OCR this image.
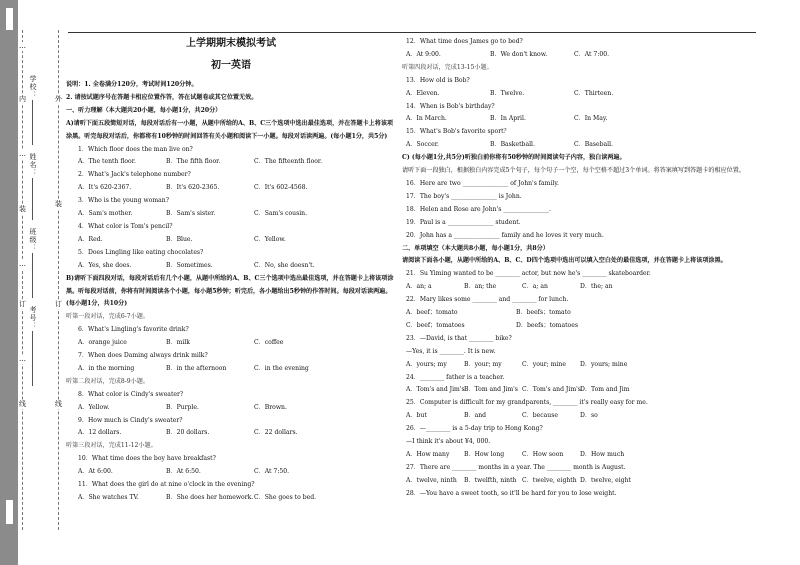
…
内
…
装
…
订
…
线
学校：
姓名：
班级：
考号：
外
装
订
线
上学期期末模拟考试
初一英语
说明：1. 全卷满分120分，考试时间120分钟。
2. 请按试题序号在答题卡相应位置作答，答在试题卷或其它位置无效。
一、听力理解（本大题共20小题，每小题1分，共20分）
A)请听下面五段简短对话，每段对话后有一小题，从题中所给的A、B、C三个选项中选出最佳选项，并在答题卡上将该项涂黑。听完每段对话后，你都将有10秒钟的时间回答有关小题和阅读下一小题。每段对话读两遍。(每小题1分，共5分)
1．Which floor does the man live on?
A．The tenth floor.	B．The fifth floor.	C．The fifteenth floor.
2．What's Jack's telephone number?
A．It's 620-2367.	B．It's 620-2365.	C．It's 602-4568.
3．Who is the young woman?
A．Sam's mother.	B．Sam's sister.	C．Sam's cousin.
4．What color is Tom's pencil?
A．Red.	B．Blue.	C．Yellow.
5．Does Lingling like eating chocolates?
A．Yes, she does.	B．Sometimes.	C．No, she doesn't.
B)请听下面四段对话，每段对话后有几个小题，从题中所给的A、B、C三个选项中选出最佳选项，并在答题卡上将该项涂黑。听每段对话前，你将有时间阅读各个小题，每小题5秒钟；听完后，各小题给出5秒钟的作答时间。每段对话读两遍。(每小题1分，共10分)
听第一段对话，完成6-7小题。
6．What's Lingling's favorite drink?
A．orange juice	B．milk	C．coffee
7．When does Daming always drink milk?
A．in the morning	B．in the afternoon	C．in the evening
听第二段对话，完成8-9小题。
8．What color is Cindy's sweater?
A．Yellow.	B．Purple.	C．Brown.
9．How much is Cindy's sweater?
A．12 dollars.	B．20 dollars.	C．22 dollars.
听第三段对话，完成11-12小题。
10．What time does the boy have breakfast?
A．At 6:00.	B．At 6:50.	C．At 7:50.
11．What does the girl do at nine o'clock in the evening?
A．She watches TV.	B．She does her homework. C．She goes to bed.
12．What time does James go to bed?
A．At 9:00.	B．We don't know.	C．At 7:00.
听第四段对话，完成13-15小题。
13．How old is Bob?
A．Eleven.	B．Twelve.	C．Thirteen.
14．When is Bob's birthday?
A．In March.	B．In April.	C．In May.
15．What's Bob's favorite sport？
A．Soccer.	B．Basketball.	C．Baseball.
C) (每小题1分,共5分)听独白前你将有50秒钟的时间阅读句子内容，独白读两遍。
请听下面一段独白，根据独白内容完成5个句子，每个句子一个空，每个空格不超过3个单词。将答案填写到答题卡的相应位置。
16．Here are two _______________ of John's family.
17．The boy's _______________ is John.
18．Helen and Rose are John's _______________.
19．Paul is a _______________ student.
20．John has a _______________ family and he loves it very much.
二、单项填空（本大题共8小题，每小题1分，共8分）
请阅读下面各小题，从题中所给的A、B、C、D四个选项中选出可以填入空白处的最佳选项，并在答题卡上将该项涂黑。
21．Su Yiming wanted to be ________ actor, but now he's ________ skateboarder.
A．an; a	B．an; the	C．a; an	D．the; an
22．Mary likes some ________ and ________ for lunch.
A．beef；tomato	B．beefs；tomato
C．beef；tomatoes	D．beefs；tomatoes
23．—David, is that ________ bike?
—Yes, it is ________. It is new.
A．yours; my	B．your; my	C．your; mine	D．yours; mine
24．________ father is a teacher.
A．Tom's and Jim's B．Tom and Jim's C．Tom's and Jim's D．Tom and Jim
25．Computer is difficult for my grandparents, ________ it's really easy for me.
A．but	B．and	C．because	D．so
26．—________ is a 5-day trip to Hong Kong?
—I think it's about ¥4, 000.
A．How many	B．How long	C．How soon	D．How much
27．There are ________ months in a year. The ________ month is August.
A．twelve, ninth	B．twelfth, ninth C．twelve, eighth D．twelve, eight
28．—You have a sweet tooth, so it'll be hard for you to lose weight.
